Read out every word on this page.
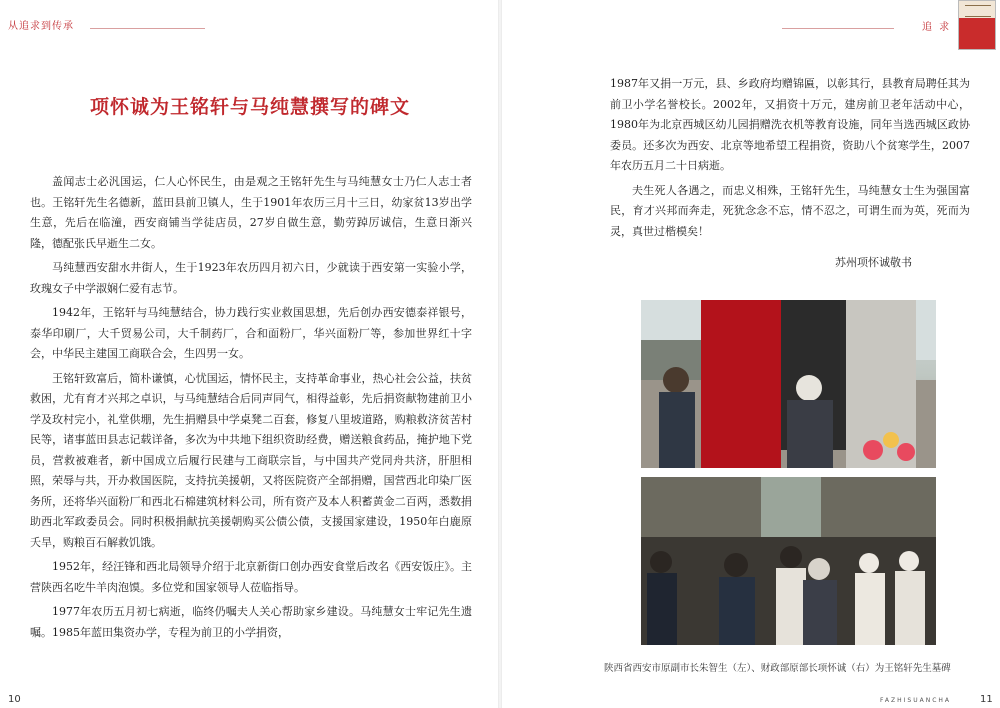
从追求到传承	追 求
项怀诚为王铭轩与马纯慧撰写的碑文

盖闻志士必汎国运，仁人心怀民生，由是观之王铭轩先生与马纯慧女士乃仁人志士者也。王铭轩先生名德新，蓝田县前卫镇人，生于1901年农历三月十三日，幼家贫13岁出学生意，先后在临潼，西安商铺当学徒店员，27岁自做生意，勤劳踔厉诚信，生意日渐兴隆，德配张氏早逝生二女。

马纯慧西安甜水井街人，生于1923年农历四月初六日，少就读于西安第一实验小学，玫瑰女子中学淑娴仁爱有志节。

1942年，王铭轩与马纯慧结合，协力践行实业救国思想，先后创办西安德泰祥银号，泰华印刷厂，大千贸易公司，大千制药厂，合和面粉厂，华兴面粉厂等，参加世界红十字会，中华民主建国工商联合会，生四男一女。

王铭轩致富后，简朴谦慎，心忧国运，情怀民主，支持革命事业，热心社会公益，扶贫救困，尤有育才兴邦之卓识，与马纯慧结合后同声同气，相得益彰，先后捐资献物建前卫小学及玫村完小，礼堂供堋，先生捐赠县中学桌凳二百套，修复八里坡道路，购粮救济贫苦村民等，诸事蓝田县志记载详备，多次为中共地下组织资助经费，赠送粮食药品，掩护地下党员，营救被难者，新中国成立后履行民建与工商联宗旨，与中国共产党同舟共济，肝胆相照，荣辱与共，开办救国医院，支持抗美援朝，又将医院资产全部捐赠，国营西北印染厂医务所，还将华兴面粉厂和西北石棉建筑材料公司，所有资产及本人积蓄黄金二百两，悉数捐助西北军政委员会。同时积极捐献抗美援朝购买公债公债，支援国家建设，1950年白鹿原夭旱，购粮百石解救饥饿。

1952年，经汪锋和西北局领导介绍于北京新街口创办西安食堂后改名《西安饭庄》。主营陕西名吃牛羊肉泡馍。多位党和国家领导人莅临指导。

1977年农历五月初七病逝，临终仍嘱夫人关心帮助家乡建设。马纯慧女士牢记先生遗嘱。1985年蓝田集资办学，专程为前卫的小学捐资，

1987年又捐一万元，县、乡政府均赠锦匾，以彰其行，县教育局聘任其为前卫小学名誉校长。2002年，又捐资十万元，建房前卫老年活动中心，1980年为北京西城区幼儿园捐赠洗衣机等教育设施，同年当选西城区政协委员。还多次为西安、北京等地希望工程捐资，资助八个贫寒学生，2007年农历五月二十日病逝。

夫生死人各遇之，而忠义相殊，王铭轩先生，马纯慧女士生为强国富民，育才兴邦而奔走，死犹念念不忘，情不忍之，可谓生而为英，死而为灵，真世过楷模矣！

苏州项怀诚敬书
陕西省西安市原副市长朱智生（左）、财政部原部长项怀诚（右）为王铭轩先生墓碑
10	FAZHISUANCHA	11
